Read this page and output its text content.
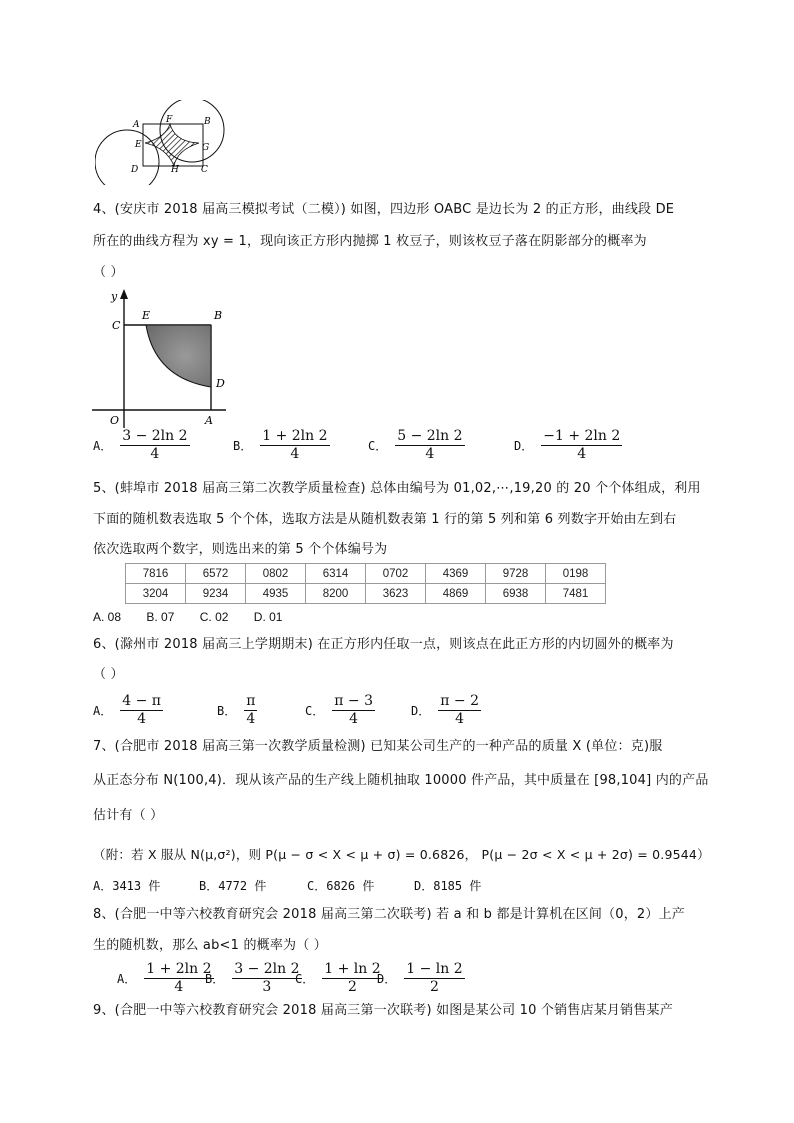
A	F	B
E	G
D	H C
4、(安庆市 2018 届高三模拟考试（二模）) 如图，四边形 OABC 是边长为 2 的正方形，曲线段 DE
所在的曲线方程为 xy = 1，现向该正方形内抛掷 1 枚豆子，则该枚豆子落在阴影部分的概率为
（ ）
y
C
E	B
D
O	A
A． $\frac{3 - 2\ln 2}{4}$	B． $\frac{1 + 2\ln 2}{4}$	C． $\frac{5 - 2\ln 2}{4}$	D． $\frac{-1 + 2\ln 2}{4}$
5、(蚌埠市 2018 届高三第二次教学质量检查) 总体由编号为 01,02,⋯,19,20 的 20 个个体组成，利用
下面的随机数表选取 5 个个体，选取方法是从随机数表第 1 行的第 5 列和第 6 列数字开始由左到右
依次选取两个数字，则选出来的第 5 个个体编号为
7816	6572	0802	6314	0702	4369	9728	0198
3204	9234	4935	8200	3623	4869	6938	7481
A. 08 B. 07 C. 02 D. 01
6、(滁州市 2018 届高三上学期期末) 在正方形内任取一点，则该点在此正方形的内切圆外的概率为
（ ）
A． $\frac{4 - \pi}{4}$	B． $\frac{\pi}{4}$	C． $\frac{\pi - 3}{4}$	D． $\frac{\pi - 2}{4}$
7、(合肥市 2018 届高三第一次教学质量检测) 已知某公司生产的一种产品的质量 X (单位：克)服
从正态分布 N(100,4)．现从该产品的生产线上随机抽取 10000 件产品，其中质量在 [98,104] 内的产品
估计有（ ）
（附：若 X 服从 N(μ,σ²)，则 P(μ − σ < X < μ + σ) = 0.6826， P(μ − 2σ < X < μ + 2σ) = 0.9544）
A．3413 件	B．4772 件	C．6826 件	D．8185 件
8、(合肥一中等六校教育研究会 2018 届高三第二次联考) 若 a 和 b 都是计算机在区间（0，2）上产
生的随机数，那么 ab<1 的概率为（ ）
A． $\frac{1 + 2\ln 2}{4}$
B． $\frac{3 - 2\ln 2}{3}$
C． $\frac{1 + \ln 2}{2}$
D． $\frac{1 - \ln 2}{2}$
9、(合肥一中等六校教育研究会 2018 届高三第一次联考) 如图是某公司 10 个销售店某月销售某产
